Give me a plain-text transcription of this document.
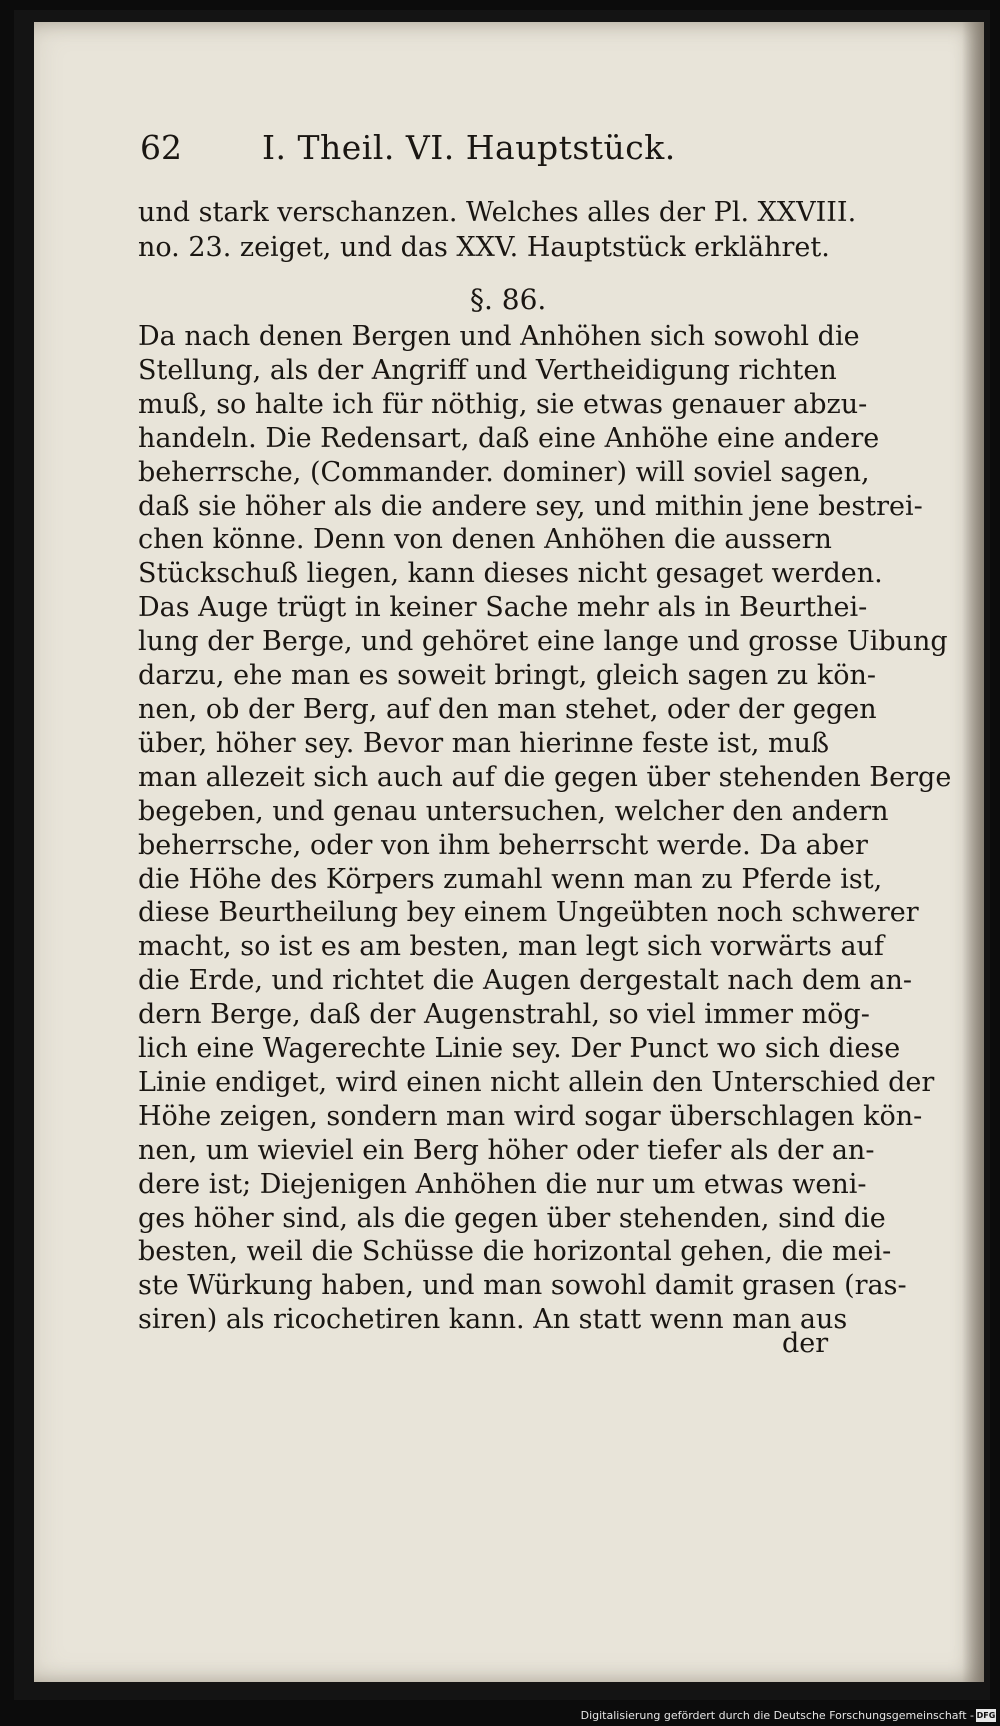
62 I. Theil. VI. Hauptstück.
und stark verschanzen. Welches alles der Pl. XXVIII.
no. 23. zeiget, und das XXV. Hauptstück erklähret.
§. 86.
Da nach denen Bergen und Anhöhen sich sowohl die
Stellung, als der Angriff und Vertheidigung richten
muß, so halte ich für nöthig, sie etwas genauer abzu-
handeln. Die Redensart, daß eine Anhöhe eine andere
beherrsche, (Commander. dominer) will soviel sagen,
daß sie höher als die andere sey, und mithin jene bestrei-
chen könne. Denn von denen Anhöhen die aussern
Stückschuß liegen, kann dieses nicht gesaget werden.
Das Auge trügt in keiner Sache mehr als in Beurthei-
lung der Berge, und gehöret eine lange und grosse Uibung
darzu, ehe man es soweit bringt, gleich sagen zu kön-
nen, ob der Berg, auf den man stehet, oder der gegen
über, höher sey. Bevor man hierinne feste ist, muß
man allezeit sich auch auf die gegen über stehenden Berge
begeben, und genau untersuchen, welcher den andern
beherrsche, oder von ihm beherrscht werde. Da aber
die Höhe des Körpers zumahl wenn man zu Pferde ist,
diese Beurtheilung bey einem Ungeübten noch schwerer
macht, so ist es am besten, man legt sich vorwärts auf
die Erde, und richtet die Augen dergestalt nach dem an-
dern Berge, daß der Augenstrahl, so viel immer mög-
lich eine Wagerechte Linie sey. Der Punct wo sich diese
Linie endiget, wird einen nicht allein den Unterschied der
Höhe zeigen, sondern man wird sogar überschlagen kön-
nen, um wieviel ein Berg höher oder tiefer als der an-
dere ist; Diejenigen Anhöhen die nur um etwas weni-
ges höher sind, als die gegen über stehenden, sind die
besten, weil die Schüsse die horizontal gehen, die mei-
ste Würkung haben, und man sowohl damit grasen (ras-
siren) als ricochetiren kann. An statt wenn man aus
der
Digitalisierung gefördert durch die Deutsche Forschungsgemeinschaft - DFG
